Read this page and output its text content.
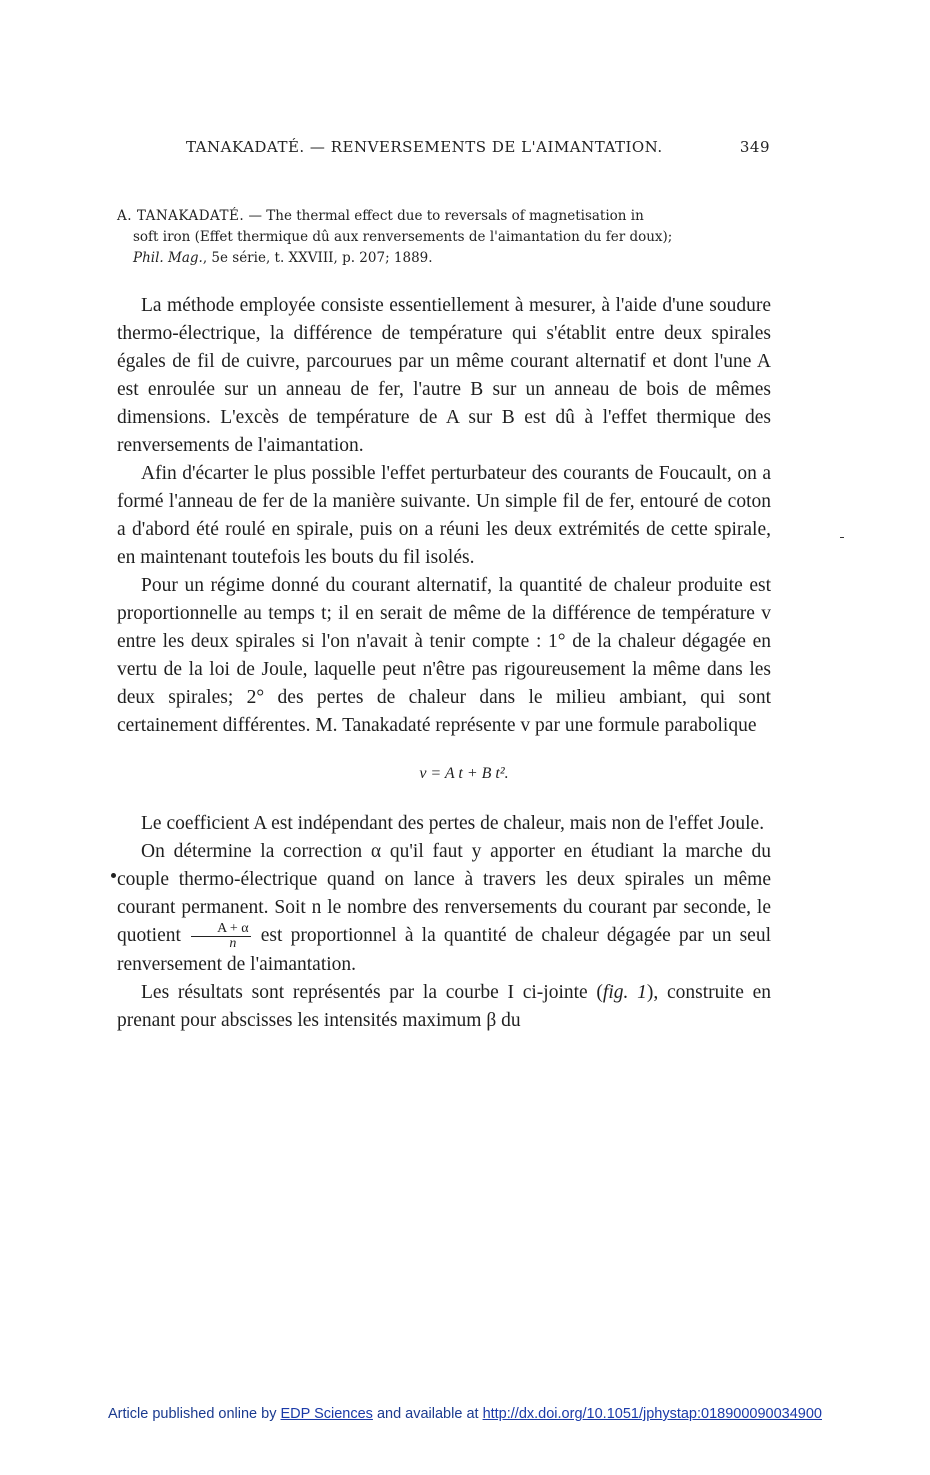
TANAKADATÉ. — RENVERSEMENTS DE L'AIMANTATION.	349
A. TANAKADATÉ. — The thermal effect due to reversals of magnetisation in
soft iron (Effet thermique dû aux renversements de l'aimantation du fer doux);
Phil. Mag., 5e série, t. XXVIII, p. 207; 1889.

La méthode employée consiste essentiellement à mesurer, à l'aide d'une soudure thermo-électrique, la différence de température qui s'établit entre deux spirales égales de fil de cuivre, parcourues par un même courant alternatif et dont l'une A est enroulée sur un anneau de fer, l'autre B sur un anneau de bois de mêmes dimensions. L'excès de température de A sur B est dû à l'effet thermique des renversements de l'aimantation.

Afin d'écarter le plus possible l'effet perturbateur des courants de Foucault, on a formé l'anneau de fer de la manière suivante. Un simple fil de fer, entouré de coton a d'abord été roulé en spirale, puis on a réuni les deux extrémités de cette spirale, en maintenant toutefois les bouts du fil isolés.

Pour un régime donné du courant alternatif, la quantité de chaleur produite est proportionnelle au temps t; il en serait de même de la différence de température v entre les deux spirales si l'on n'avait à tenir compte : 1° de la chaleur dégagée en vertu de la loi de Joule, laquelle peut n'être pas rigoureusement la même dans les deux spirales; 2° des pertes de chaleur dans le milieu ambiant, qui sont certainement différentes. M. Tanakadaté représente v par une formule parabolique

v = A t + B t².

Le coefficient A est indépendant des pertes de chaleur, mais non de l'effet Joule.

On détermine la correction α qu'il faut y apporter en étudiant la marche du couple thermo-électrique quand on lance à travers les deux spirales un même courant permanent. Soit n le nombre des renversements du courant par seconde, le quotient $\frac{A + \alpha}{n}$ est proportionnel à la quantité de chaleur dégagée par un seul renversement de l'aimantation.

Les résultats sont représentés par la courbe I ci-jointe (fig. 1), construite en prenant pour abscisses les intensités maximum β du

Article published online by EDP Sciences and available at http://dx.doi.org/10.1051/jphystap:018900090034900
